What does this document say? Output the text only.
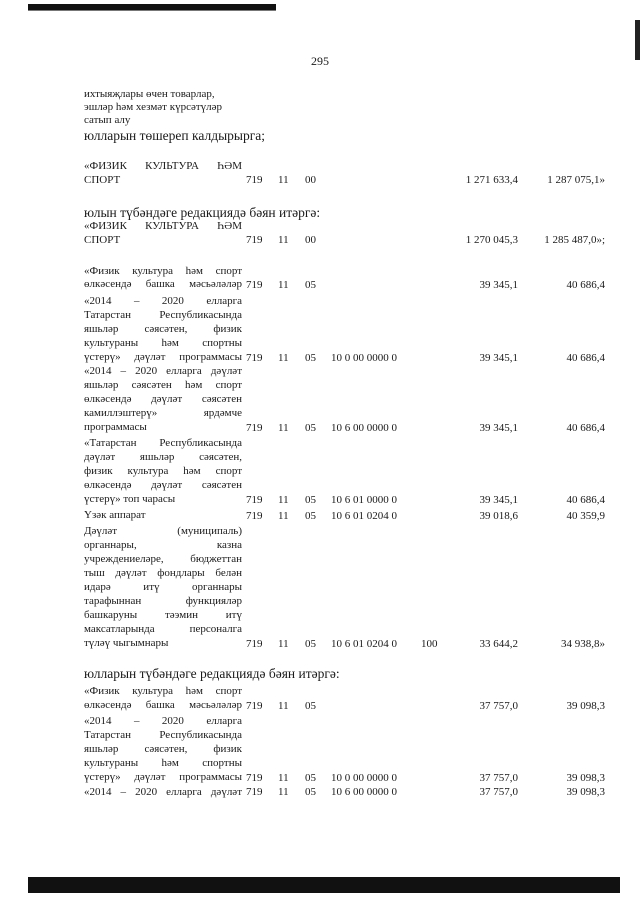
295
ихтыяҗлары өчен товарлар,
эшләр һәм хезмәт күрсәтүләр
сатып алу
юлларын төшереп калдырырга;
«ФИЗИК КУЛЬТУРА ҺӘМ
СПОРТ	719 11 00	1 271 633,4	1 287 075,1»
юлын түбәндәге редакциядә бәян итәргә:
«ФИЗИК КУЛЬТУРА ҺӘМ
СПОРТ	719 11 00	1 270 045,3 1 285 487,0»;
«Физик культура һәм спорт
өлкәсендә башка мәсьәләләр 719 11 05	39 345,1	40 686,4
«2014 – 2020 елларга
Татарстан Республикасында
яшьләр сәясәтен, физик
культураны һәм спортны
үстерү» дәүләт программасы 719 11 05 10 0 00 0000 0	39 345,1	40 686,4
«2014 – 2020 елларга дәүләт
яшьләр сәясәтен һәм спорт
өлкәсендә дәүләт сәясәтен
камиллэштерү» ярдәмче
программасы	719 11 05 10 6 00 0000 0	39 345,1	40 686,4
«Татарстан Республикасында
дәүләт яшьләр сәясәтен,
физик культура һәм спорт
өлкәсендә дәүләт сәясәтен
үстерү» топ чарасы	719 11 05 10 6 01 0000 0	39 345,1	40 686,4
Үзәк аппарат	719 11 05 10 6 01 0204 0	39 018,6	40 359,9
Дәүләт (муниципаль)
органнары, казна
учреждениеләре, бюджеттан
тыш дәүләт фондлары белән
идарә итү органнары
тарафыннан функцияләр
башкаруны тәэмин итү
максатларында персоналга
түләү чыгымнары	719 11 05 10 6 01 0204 0 100	33 644,2	34 938,8»
юлларын түбәндәге редакциядә бәян итәргә:
«Физик культура һәм спорт
өлкәсендә башка мәсьәләләр 719 11 05	37 757,0	39 098,3
«2014 – 2020 елларга
Татарстан Республикасында
яшьләр сәясәтен, физик
культураны һәм спортны
үстерү» дәүләт программасы 719 11 05 10 0 00 0000 0	37 757,0	39 098,3
«2014 – 2020 елларга дәүләт 719 11 05 10 6 00 0000 0	37 757,0	39 098,3
